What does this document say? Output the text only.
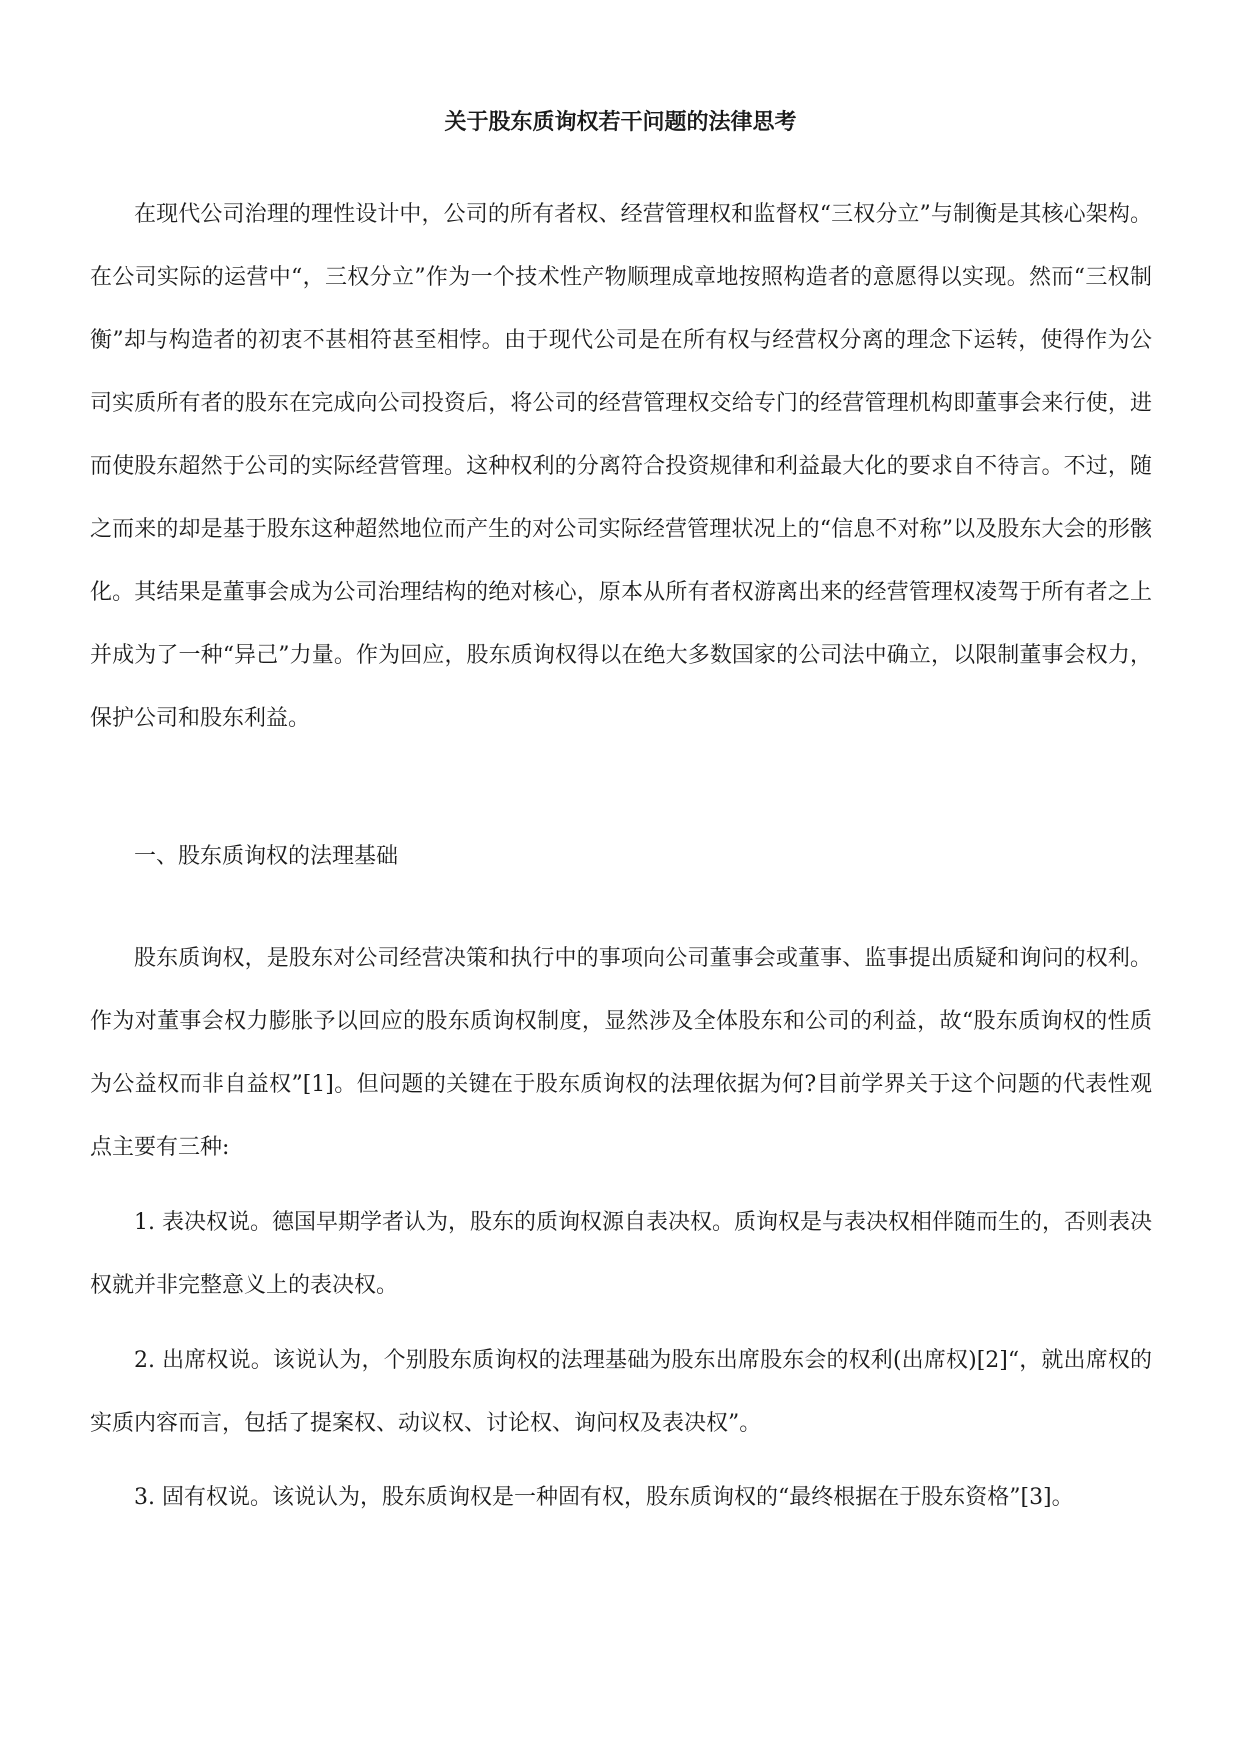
关于股东质询权若干问题的法律思考

在现代公司治理的理性设计中，公司的所有者权、经营管理权和监督权“三权分立”与制衡是其核心架构。在公司实际的运营中“，三权分立”作为一个技术性产物顺理成章地按照构造者的意愿得以实现。然而“三权制衡”却与构造者的初衷不甚相符甚至相悖。由于现代公司是在所有权与经营权分离的理念下运转，使得作为公司实质所有者的股东在完成向公司投资后，将公司的经营管理权交给专门的经营管理机构即董事会来行使，进而使股东超然于公司的实际经营管理。这种权利的分离符合投资规律和利益最大化的要求自不待言。不过，随之而来的却是基于股东这种超然地位而产生的对公司实际经营管理状况上的“信息不对称”以及股东大会的形骸化。其结果是董事会成为公司治理结构的绝对核心，原本从所有者权游离出来的经营管理权凌驾于所有者之上并成为了一种“异己”力量。作为回应，股东质询权得以在绝大多数国家的公司法中确立，以限制董事会权力，保护公司和股东利益。

一、股东质询权的法理基础

股东质询权，是股东对公司经营决策和执行中的事项向公司董事会或董事、监事提出质疑和询问的权利。作为对董事会权力膨胀予以回应的股东质询权制度，显然涉及全体股东和公司的利益，故“股东质询权的性质为公益权而非自益权”[1]。但问题的关键在于股东质询权的法理依据为何?目前学界关于这个问题的代表性观点主要有三种:

1. 表决权说。德国早期学者认为，股东的质询权源自表决权。质询权是与表决权相伴随而生的，否则表决权就并非完整意义上的表决权。

2. 出席权说。该说认为，个别股东质询权的法理基础为股东出席股东会的权利(出席权)[2]“，就出席权的实质内容而言，包括了提案权、动议权、讨论权、询问权及表决权”。

3. 固有权说。该说认为，股东质询权是一种固有权，股东质询权的“最终根据在于股东资格”[3]。
